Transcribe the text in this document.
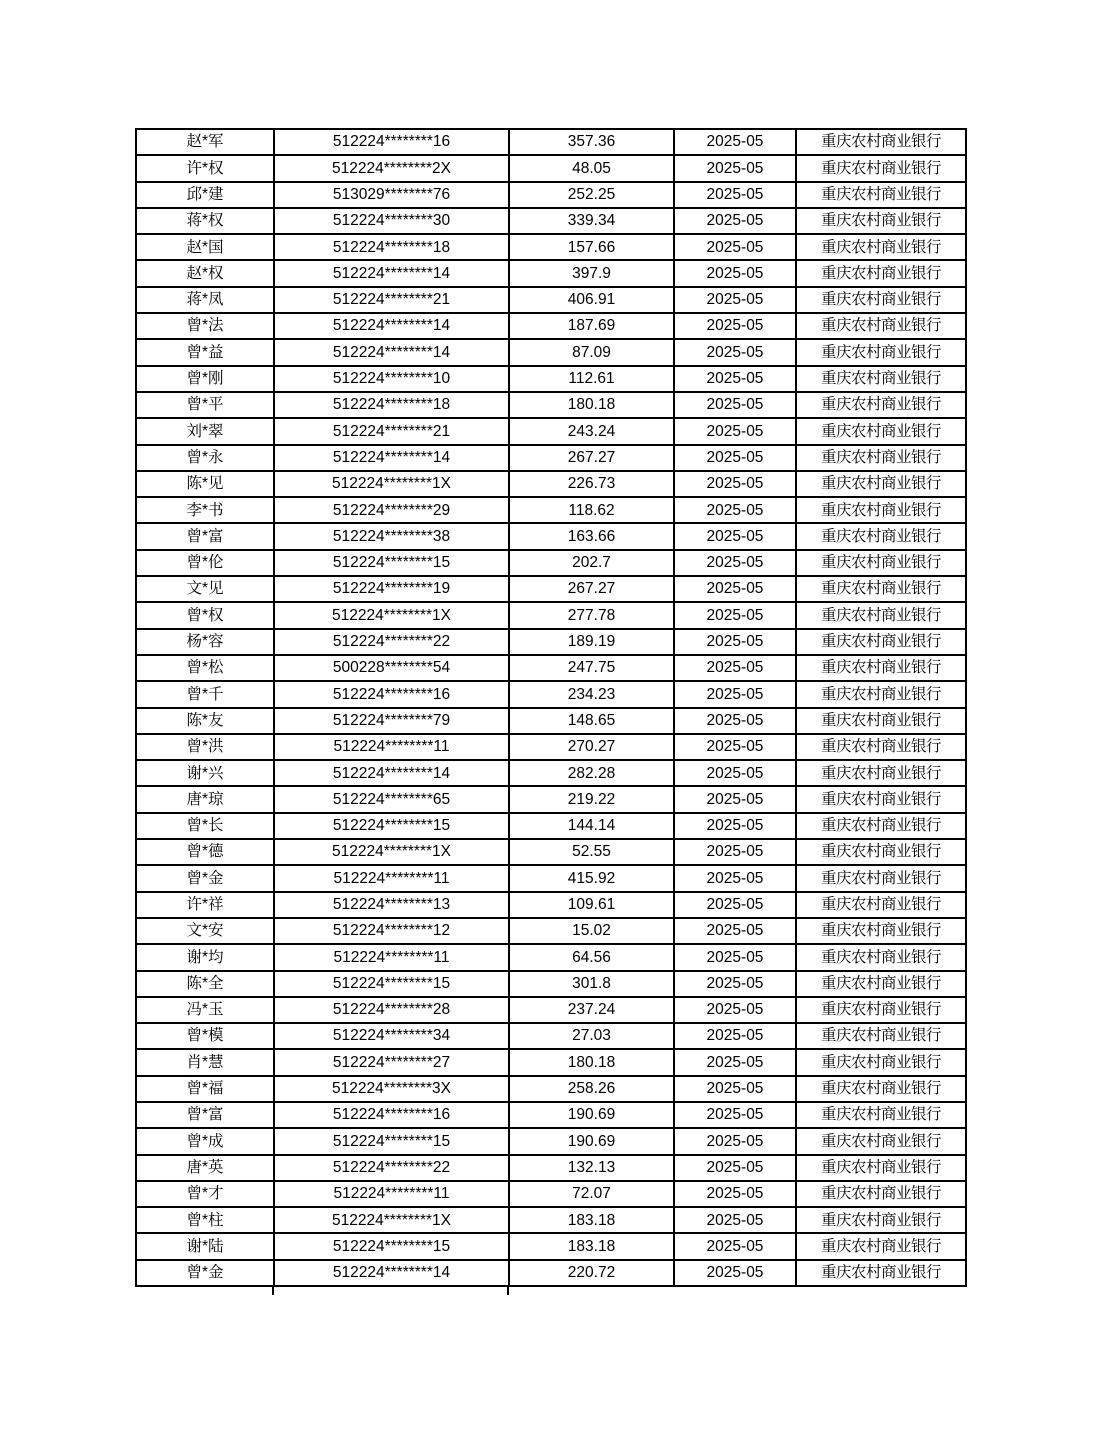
赵*军	512224********16	357.36	2025-05	重庆农村商业银行
许*权	512224********2X	48.05	2025-05	重庆农村商业银行
邱*建	513029********76	252.25	2025-05	重庆农村商业银行
蒋*权	512224********30	339.34	2025-05	重庆农村商业银行
赵*国	512224********18	157.66	2025-05	重庆农村商业银行
赵*权	512224********14	397.9	2025-05	重庆农村商业银行
蒋*凤	512224********21	406.91	2025-05	重庆农村商业银行
曾*法	512224********14	187.69	2025-05	重庆农村商业银行
曾*益	512224********14	87.09	2025-05	重庆农村商业银行
曾*刚	512224********10	112.61	2025-05	重庆农村商业银行
曾*平	512224********18	180.18	2025-05	重庆农村商业银行
刘*翠	512224********21	243.24	2025-05	重庆农村商业银行
曾*永	512224********14	267.27	2025-05	重庆农村商业银行
陈*见	512224********1X	226.73	2025-05	重庆农村商业银行
李*书	512224********29	118.62	2025-05	重庆农村商业银行
曾*富	512224********38	163.66	2025-05	重庆农村商业银行
曾*伦	512224********15	202.7	2025-05	重庆农村商业银行
文*见	512224********19	267.27	2025-05	重庆农村商业银行
曾*权	512224********1X	277.78	2025-05	重庆农村商业银行
杨*容	512224********22	189.19	2025-05	重庆农村商业银行
曾*松	500228********54	247.75	2025-05	重庆农村商业银行
曾*千	512224********16	234.23	2025-05	重庆农村商业银行
陈*友	512224********79	148.65	2025-05	重庆农村商业银行
曾*洪	512224********11	270.27	2025-05	重庆农村商业银行
谢*兴	512224********14	282.28	2025-05	重庆农村商业银行
唐*琼	512224********65	219.22	2025-05	重庆农村商业银行
曾*长	512224********15	144.14	2025-05	重庆农村商业银行
曾*德	512224********1X	52.55	2025-05	重庆农村商业银行
曾*金	512224********11	415.92	2025-05	重庆农村商业银行
许*祥	512224********13	109.61	2025-05	重庆农村商业银行
文*安	512224********12	15.02	2025-05	重庆农村商业银行
谢*均	512224********11	64.56	2025-05	重庆农村商业银行
陈*全	512224********15	301.8	2025-05	重庆农村商业银行
冯*玉	512224********28	237.24	2025-05	重庆农村商业银行
曾*模	512224********34	27.03	2025-05	重庆农村商业银行
肖*慧	512224********27	180.18	2025-05	重庆农村商业银行
曾*福	512224********3X	258.26	2025-05	重庆农村商业银行
曾*富	512224********16	190.69	2025-05	重庆农村商业银行
曾*成	512224********15	190.69	2025-05	重庆农村商业银行
唐*英	512224********22	132.13	2025-05	重庆农村商业银行
曾*才	512224********11	72.07	2025-05	重庆农村商业银行
曾*柱	512224********1X	183.18	2025-05	重庆农村商业银行
谢*陆	512224********15	183.18	2025-05	重庆农村商业银行
曾*金	512224********14	220.72	2025-05	重庆农村商业银行
